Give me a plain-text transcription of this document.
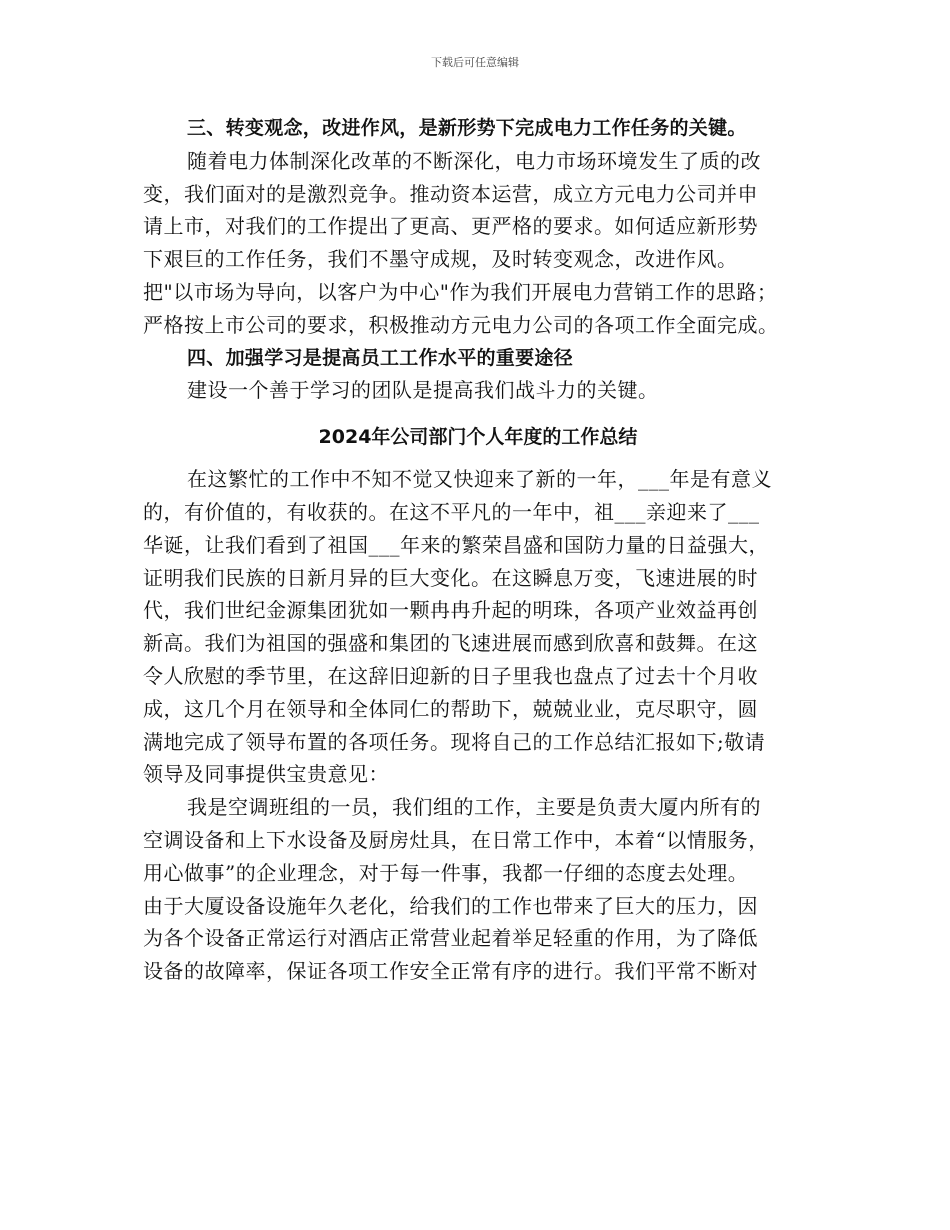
下载后可任意编辑

三、转变观念，改进作风，是新形势下完成电力工作任务的关键。

随着电力体制深化改革的不断深化，电力市场环境发生了质的改
变，我们面对的是激烈竞争。推动资本运营，成立方元电力公司并申
请上市，对我们的工作提出了更高、更严格的要求。如何适应新形势
下艰巨的工作任务，我们不墨守成规，及时转变观念，改进作风。
把"以市场为导向，以客户为中心"作为我们开展电力营销工作的思路；
严格按上市公司的要求，积极推动方元电力公司的各项工作全面完成。

四、加强学习是提高员工工作水平的重要途径

建设一个善于学习的团队是提高我们战斗力的关键。

2024年公司部门个人年度的工作总结

在这繁忙的工作中不知不觉又快迎来了新的一年，___年是有意义
的，有价值的，有收获的。在这不平凡的一年中，祖___亲迎来了___
华诞，让我们看到了祖国___年来的繁荣昌盛和国防力量的日益强大，
证明我们民族的日新月异的巨大变化。在这瞬息万变，飞速进展的时
代，我们世纪金源集团犹如一颗冉冉升起的明珠，各项产业效益再创
新高。我们为祖国的强盛和集团的飞速进展而感到欣喜和鼓舞。在这
令人欣慰的季节里，在这辞旧迎新的日子里我也盘点了过去十个月收
成，这几个月在领导和全体同仁的帮助下，兢兢业业，克尽职守，圆
满地完成了领导布置的各项任务。现将自己的工作总结汇报如下;敬请
领导及同事提供宝贵意见：

我是空调班组的一员，我们组的工作，主要是负责大厦内所有的
空调设备和上下水设备及厨房灶具，在日常工作中，本着“以情服务，
用心做事”的企业理念，对于每一件事，我都一仔细的态度去处理。
由于大厦设备设施年久老化，给我们的工作也带来了巨大的压力，因
为各个设备正常运行对酒店正常营业起着举足轻重的作用，为了降低
设备的故障率，保证各项工作安全正常有序的进行。我们平常不断对
